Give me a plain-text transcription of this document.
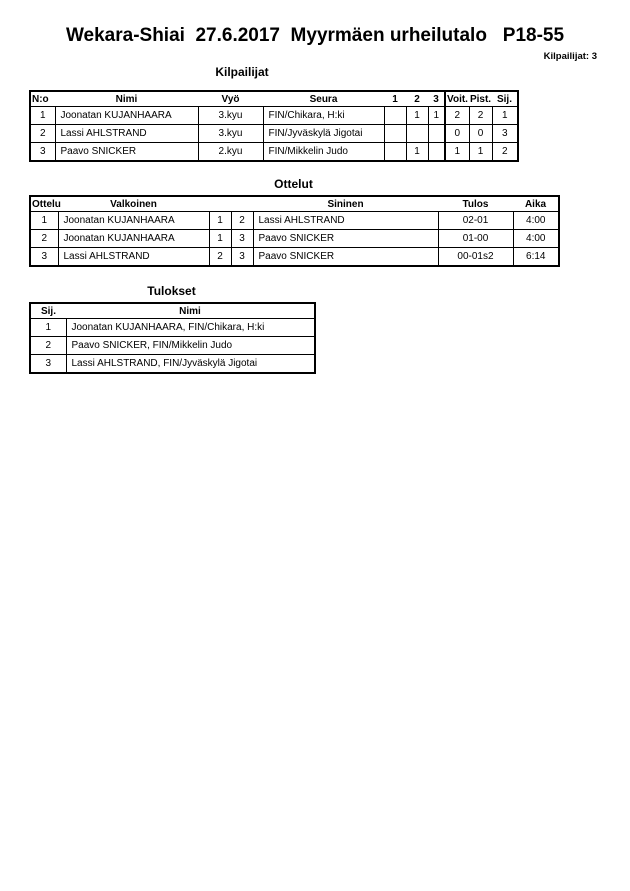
Wekara-Shiai  27.6.2017  Myyrmäen urheilutalo   P18-55
Kilpailijat: 3
Kilpailijat
N:o	Nimi	Vyö	Seura	1	2	3	Voit.	Pist.	Sij.
1	Joonatan KUJANHAARA	3.kyu	FIN/Chikara, H:ki		1	1	2	2	1
2	Lassi AHLSTRAND	3.kyu	FIN/Jyväskylä Jigotai				0	0	3
3	Paavo SNICKER	2.kyu	FIN/Mikkelin Judo		1		1	1	2
Ottelut
Ottelu	Valkoinen			Sininen	Tulos	Aika
1	Joonatan KUJANHAARA	1	2	Lassi AHLSTRAND	02-01	4:00
2	Joonatan KUJANHAARA	1	3	Paavo SNICKER	01-00	4:00
3	Lassi AHLSTRAND	2	3	Paavo SNICKER	00-01s2	6:14
Tulokset
Sij.	Nimi
1	Joonatan KUJANHAARA, FIN/Chikara, H:ki
2	Paavo SNICKER, FIN/Mikkelin Judo
3	Lassi AHLSTRAND, FIN/Jyväskylä Jigotai
